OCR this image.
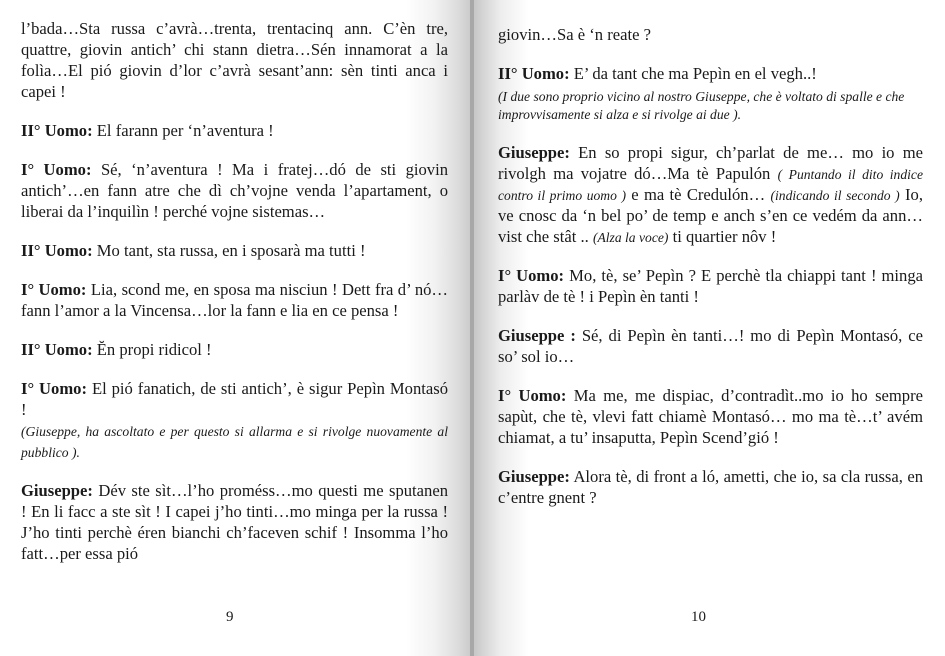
l’bada…Sta russa c’avrà…trenta, trentacinq ann. C’èn tre, quattre, giovin antich’ chi stann dietra…Sén innamorat a la folìa…El pió giovin d’lor c’avrà sesant’ann: sèn tinti anca i capei !

II° Uomo: El farann per ‘n’aventura !

I° Uomo: Sé, ‘n’aventura ! Ma i fratej…dó de sti giovin antich’…en fann atre che dì ch’vojne venda l’apartament, o liberai da l’inquilìn ! perché vojne sistemas…

II° Uomo: Mo tant, sta russa, en i sposarà ma tutti !

I° Uomo: Lia, scond me, en sposa ma nisciun ! Dett fra d’ nó…fann l’amor a la Vincensa…lor la fann e lia en ce pensa !

II° Uomo: Ĕn propi ridicol !

I° Uomo: El pió fanatich, de sti antich’, è sigur Pepìn Montasó !
(Giuseppe, ha ascoltato e per questo si allarma e si rivolge nuovamente al pubblico ).

Giuseppe: Dév ste sìt…l’ho proméss…mo questi me sputanen ! En li facc a ste sìt ! I capei j’ho tinti…mo minga per la russa ! J’ho tinti perchè éren bianchi ch’faceven schif ! Insomma l’ho fatt…per essa pió

9

giovin…Sa è ‘n reate ?

II° Uomo: E’ da tant che ma Pepìn en el vegh..!

(I due sono proprio vicino al nostro Giuseppe, che è voltato di spalle e che improvvisamente si alza e si rivolge ai due ).

Giuseppe: En so propi sigur, ch’parlat de me… mo io me rivolgh ma vojatre dó…Ma tè Papulón ( Puntando il dito indice contro il primo uomo ) e ma tè Credulón… (indicando il secondo ) Io, ve cnosc da ‘n bel po’ de temp e anch s’en ce vedém da ann…vist che stât .. (Alza la voce) ti quartier nôv !

I° Uomo: Mo, tè, se’ Pepìn ? E perchè tla chiappi tant ! minga parlàv de tè ! i Pepìn èn tanti !

Giuseppe : Sé, di Pepìn èn tanti…! mo di Pepìn Montasó, ce so’ sol io…

I° Uomo: Ma me, me dispiac, d’contradìt..mo io ho sempre sapùt, che tè, vlevi fatt chiamè Montasó… mo ma tè…t’ avém chiamat, a tu’ insaputta, Pepìn Scend’gió !

Giuseppe: Alora tè, di front a ló, ametti, che io, sa cla russa, en c’entre gnent ?

10
